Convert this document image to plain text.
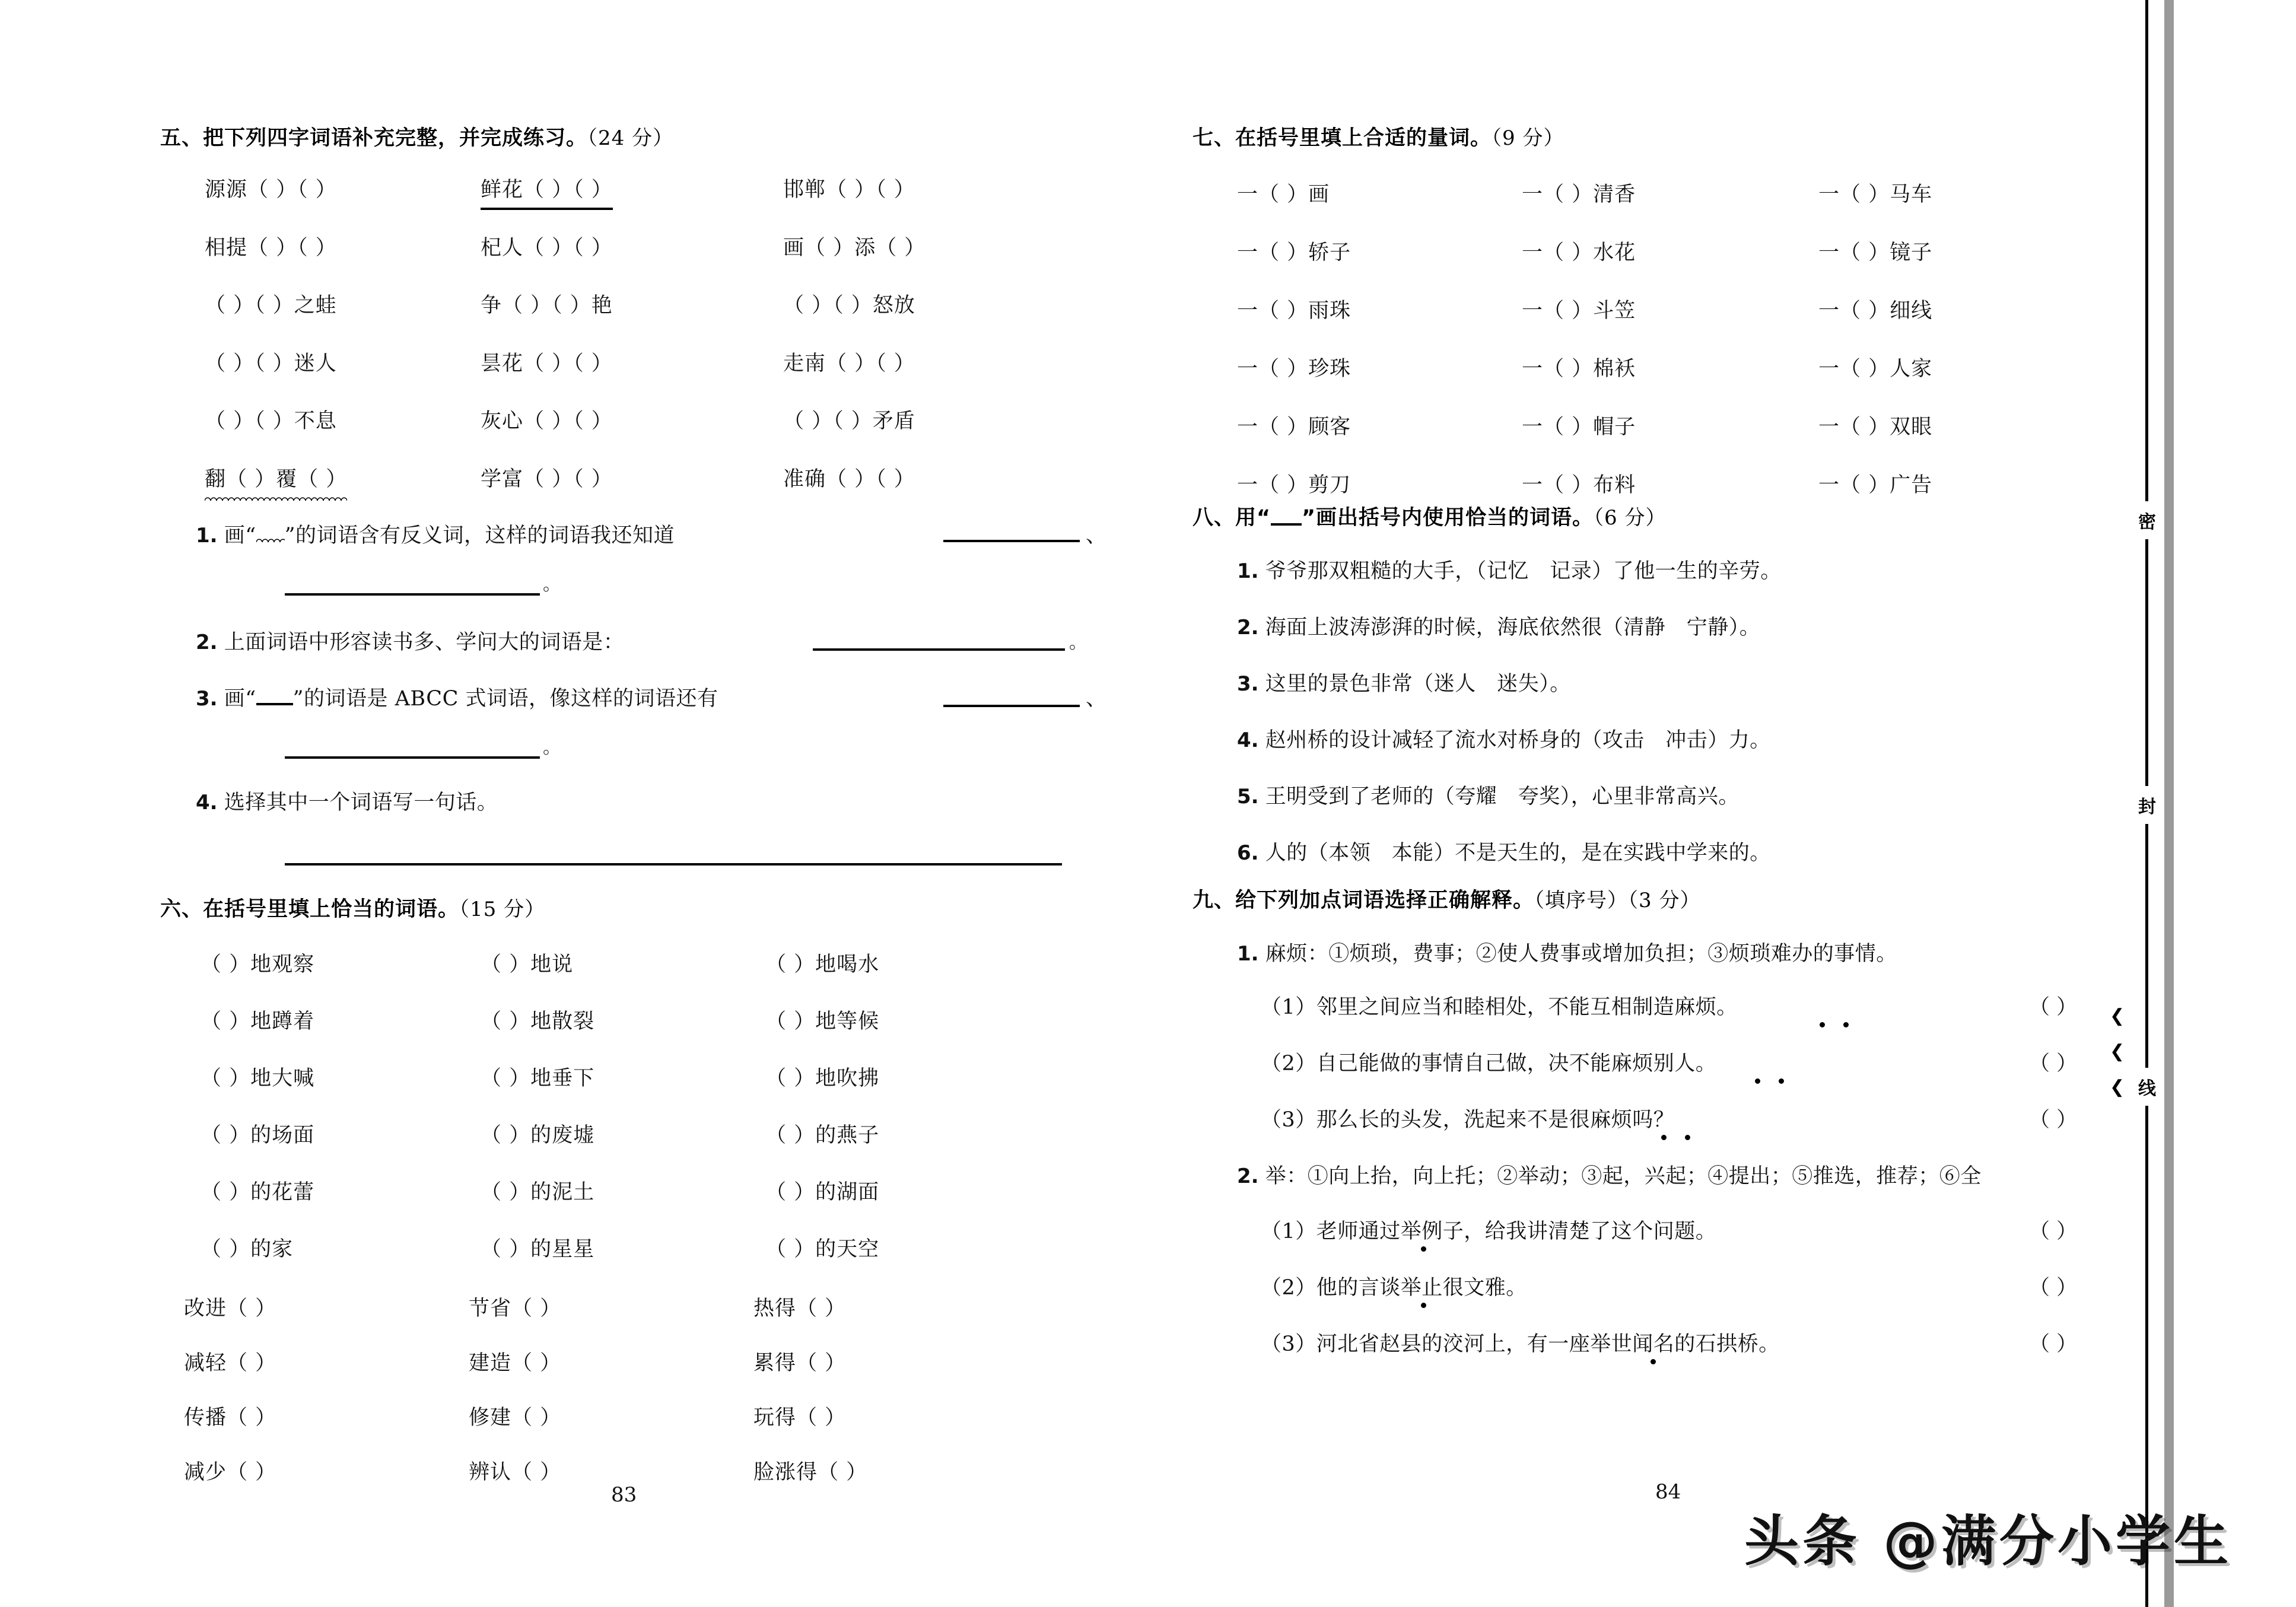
五、把下列四字词语补充完整，并完成练习。（24 分）
源源（ ）（ ）	鲜花（ ）（ ）	邯郸（ ）（ ）
相提（ ）（ ）	杞人（ ）（ ）	画（ ）添（ ）
（ ）（ ）之蛙	争（ ）（ ）艳	（ ）（ ）怒放
（ ）（ ）迷人	昙花（ ）（ ）	走南（ ）（ ）
（ ）（ ）不息	灰心（ ）（ ）	（ ）（ ）矛盾
翻（ ）覆（ ）	学富（ ）（ ）	准确（ ）（ ）
1. 画“ ”的词语含有反义词，这样的词语我还知道	、
。
2. 上面词语中形容读书多、学问大的词语是：	。
3. 画“ ”的词语是 ABCC 式词语，像这样的词语还有	、
。
4. 选择其中一个词语写一句话。
六、在括号里填上恰当的词语。（15 分）
（ ）地观察	（ ）地说	（ ）地喝水
（ ）地蹲着	（ ）地散裂	（ ）地等候
（ ）地大喊	（ ）地垂下	（ ）地吹拂
（ ）的场面	（ ）的废墟	（ ）的燕子
（ ）的花蕾	（ ）的泥土	（ ）的湖面
（ ）的家	（ ）的星星	（ ）的天空
改进（ ）	节省（ ）	热得（ ）
减轻（ ）	建造（ ）	累得（ ）
传播（ ）	修建（ ）	玩得（ ）
减少（ ）	辨认（ ）	脸涨得（ ）
83
七、在括号里填上合适的量词。（9 分）
一（ ）画	一（ ）清香	一（ ）马车
一（ ）轿子	一（ ）水花	一（ ）镜子
一（ ）雨珠	一（ ）斗笠	一（ ）细线
一（ ）珍珠	一（ ）棉袄	一（ ）人家
一（ ）顾客	一（ ）帽子	一（ ）双眼
一（ ）剪刀	一（ ）布料	一（ ）广告
八、用“ ”画出括号内使用恰当的词语。（6 分）
1. 爷爷那双粗糙的大手，（记忆　记录）了他一生的辛劳。
2. 海面上波涛澎湃的时候，海底依然很（清静　宁静）。
3. 这里的景色非常（迷人　迷失）。
4. 赵州桥的设计减轻了流水对桥身的（攻击　冲击）力。
5. 王明受到了老师的（夸耀　夸奖），心里非常高兴。
6. 人的（本领　本能）不是天生的，是在实践中学来的。
九、给下列加点词语选择正确解释。（填序号）（3 分）
1. 麻烦：①烦琐，费事；②使人费事或增加负担；③烦琐难办的事情。
（1）邻里之间应当和睦相处，不能互相制造麻烦。	（ ）
（2）自己能做的事情自己做，决不能麻烦别人。	（ ）
（3）那么长的头发，洗起来不是很麻烦吗？	（ ）
2. 举：①向上抬，向上托；②举动；③起，兴起；④提出；⑤推选，推荐；⑥全
（1）老师通过举例子，给我讲清楚了这个问题。	（ ）
（2）他的言谈举止很文雅。	（ ）
（3）河北省赵县的洨河上，有一座举世闻名的石拱桥。	（ ）
84
密
封
线
❯
❯
❯
头条 @满分小学生
